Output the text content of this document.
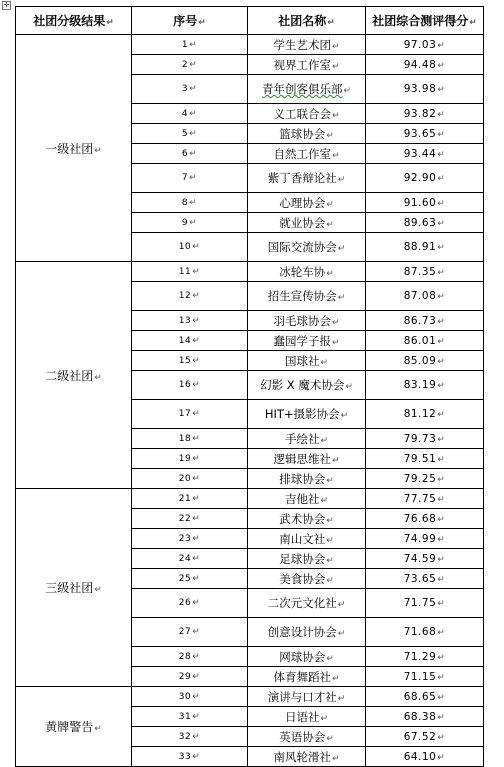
✛
社团分级结果↵	序号↵	社团名称↵	社团综合测评得分↵
一级社团↵	1↵	学生艺术团↵	97.03↵
	2↵	视界工作室↵	94.48↵
	3↵	青年创客俱乐部↵	93.98↵
	4↵	义工联合会↵	93.82↵
	5↵	篮球协会↵	93.65↵
	6↵	自然工作室↵	93.44↵
	7↵	紫丁香辩论社↵	92.90↵
	8↵	心理协会↵	91.60↵
	9↵	就业协会↵	89.63↵
	10↵	国际交流协会↵	88.91↵
二级社团↵	11↵	冰轮车协↵	87.35↵
	12↵	招生宣传协会↵	87.08↵
	13↵	羽毛球协会↵	86.73↵
	14↵	蠢园学子报↵	86.01↵
	15↵	国球社↵	85.09↵
	16↵	幻影 X 魔术协会↵	83.19↵
	17↵	HIT+摄影协会↵	81.12↵
	18↵	手绘社↵	79.73↵
	19↵	逻辑思维社↵	79.51↵
	20↵	排球协会↵	79.25↵
三级社团↵	21↵	吉他社↵	77.75↵
	22↵	武术协会↵	76.68↵
	23↵	南山文社↵	74.99↵
	24↵	足球协会↵	74.59↵
	25↵	美食协会↵	73.65↵
	26↵	二次元文化社↵	71.75↵
	27↵	创意设计协会↵	71.68↵
	28↵	网球协会↵	71.29↵
	29↵	体育舞蹈社↵	71.15↵
黄牌警告↵	30↵	演讲与口才社↵	68.65↵
	31↵	日语社↵	68.38↵
	32↵	英语协会↵	67.52↵
	33↵	南风轮滑社↵	64.10↵
